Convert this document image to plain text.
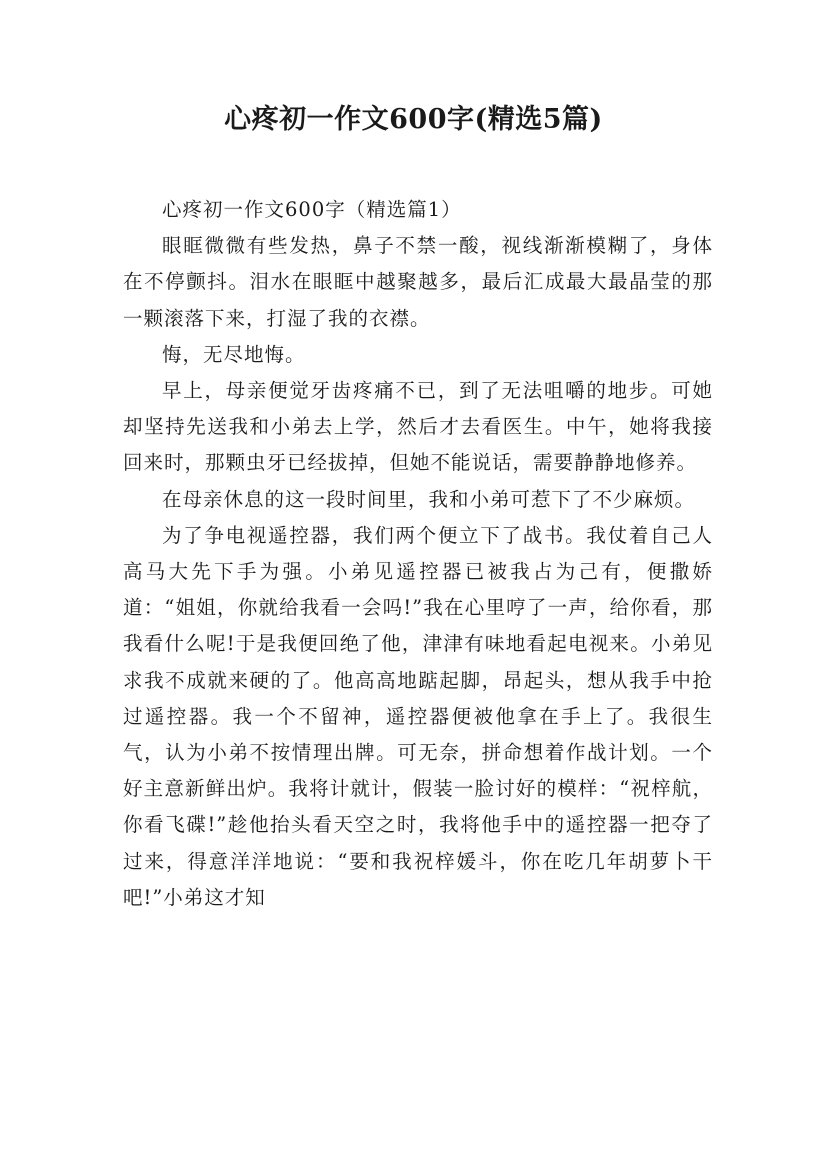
心疼初一作文600字(精选5篇)

心疼初一作文600字（精选篇1）

眼眶微微有些发热，鼻子不禁一酸，视线渐渐模糊了，身体在不停颤抖。泪水在眼眶中越聚越多，最后汇成最大最晶莹的那一颗滚落下来，打湿了我的衣襟。

悔，无尽地悔。

早上，母亲便觉牙齿疼痛不已，到了无法咀嚼的地步。可她却坚持先送我和小弟去上学，然后才去看医生。中午，她将我接回来时，那颗虫牙已经拔掉，但她不能说话，需要静静地修养。

在母亲休息的这一段时间里，我和小弟可惹下了不少麻烦。

为了争电视遥控器，我们两个便立下了战书。我仗着自己人高马大先下手为强。小弟见遥控器已被我占为己有，便撒娇道：“姐姐，你就给我看一会吗!”我在心里哼了一声，给你看，那我看什么呢!于是我便回绝了他，津津有味地看起电视来。小弟见求我不成就来硬的了。他高高地踮起脚，昂起头，想从我手中抢过遥控器。我一个不留神，遥控器便被他拿在手上了。我很生气，认为小弟不按情理出牌。可无奈，拼命想着作战计划。一个好主意新鲜出炉。我将计就计，假装一脸讨好的模样：“祝梓航，你看飞碟!”趁他抬头看天空之时，我将他手中的遥控器一把夺了过来，得意洋洋地说：“要和我祝梓媛斗，你在吃几年胡萝卜干吧!”小弟这才知
